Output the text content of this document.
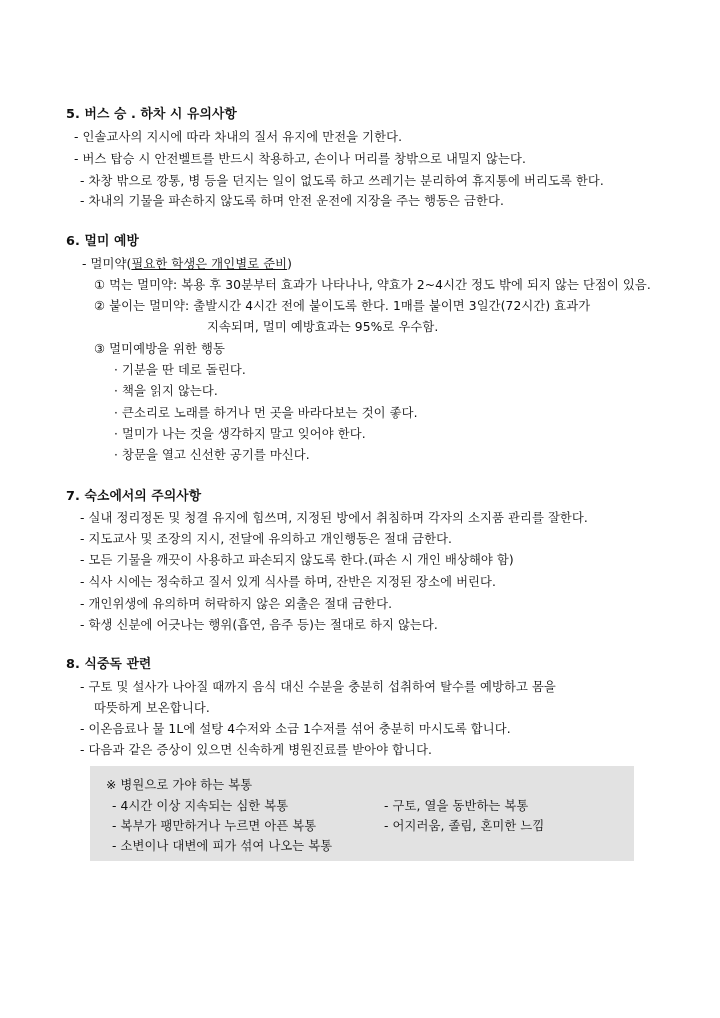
5. 버스 승 . 하차 시 유의사항
- 인솔교사의 지시에 따라 차내의 질서 유지에 만전을 기한다.
- 버스 탑승 시 안전벨트를 반드시 착용하고, 손이나 머리를 창밖으로 내밀지 않는다.
- 차창 밖으로 깡통, 병 등을 던지는 일이 없도록 하고 쓰레기는 분리하여 휴지통에 버리도록 한다.
- 차내의 기물을 파손하지 않도록 하며 안전 운전에 지장을 주는 행동은 금한다.
6. 멀미 예방
- 멀미약(필요한 학생은 개인별로 준비)
① 먹는 멀미약: 복용 후 30분부터 효과가 나타나나, 약효가 2~4시간 정도 밖에 되지 않는 단점이 있음.
② 붙이는 멀미약: 출발시간 4시간 전에 붙이도록 한다. 1매를 붙이면 3일간(72시간) 효과가
지속되며, 멀미 예방효과는 95%로 우수함.
③ 멀미예방을 위한 행동
· 기분을 딴 데로 돌린다.
· 책을 읽지 않는다.
· 큰소리로 노래를 하거나 먼 곳을 바라다보는 것이 좋다.
· 멀미가 나는 것을 생각하지 말고 잊어야 한다.
· 창문을 열고 신선한 공기를 마신다.
7. 숙소에서의 주의사항
- 실내 정리정돈 및 청결 유지에 힘쓰며, 지정된 방에서 취침하며 각자의 소지품 관리를 잘한다.
- 지도교사 및 조장의 지시, 전달에 유의하고 개인행동은 절대 금한다.
- 모든 기물을 깨끗이 사용하고 파손되지 않도록 한다.(파손 시 개인 배상해야 함)
- 식사 시에는 정숙하고 질서 있게 식사를 하며, 잔반은 지정된 장소에 버린다.
- 개인위생에 유의하며 허락하지 않은 외출은 절대 금한다.
- 학생 신분에 어긋나는 행위(흡연, 음주 등)는 절대로 하지 않는다.
8. 식중독 관련
- 구토 및 설사가 나아질 때까지 음식 대신 수분을 충분히 섭취하여 탈수를 예방하고 몸을
따뜻하게 보온합니다.
- 이온음료나 물 1L에 설탕 4수저와 소금 1수저를 섞어 충분히 마시도록 합니다.
- 다음과 같은 증상이 있으면 신속하게 병원진료를 받아야 합니다.
※ 병원으로 가야 하는 복통
- 4시간 이상 지속되는 심한 복통
- 복부가 팽만하거나 누르면 아픈 복통
- 소변이나 대변에 피가 섞여 나오는 복통
- 구토, 열을 동반하는 복통
- 어지러움, 졸림, 혼미한 느낌
